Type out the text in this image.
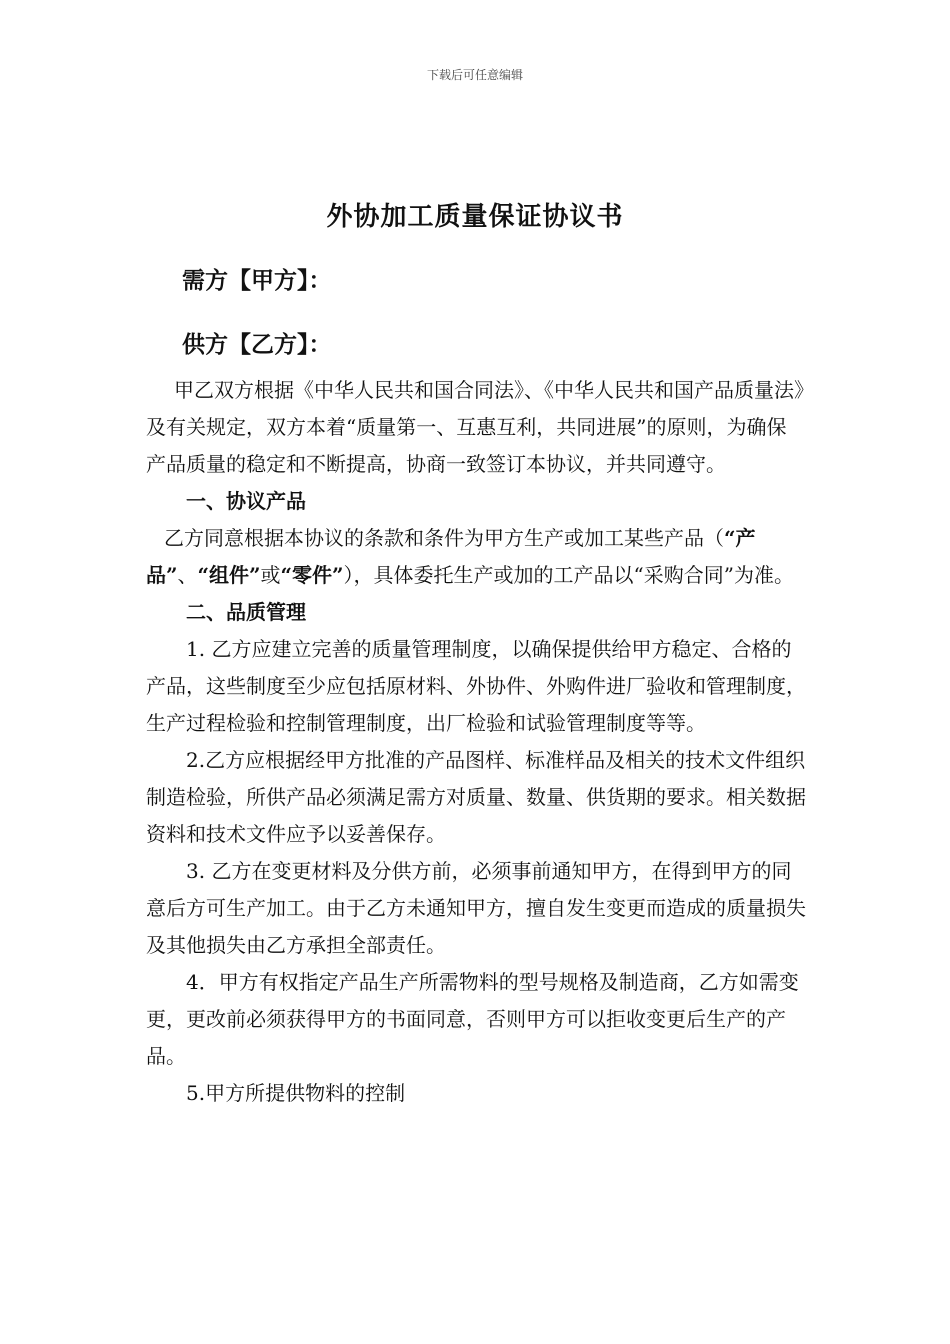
下载后可任意编辑
外协加工质量保证协议书
需方【甲方】：
供方【乙方】：

甲乙双方根据《中华人民共和国合同法》、《中华人民共和国产品质量法》及有关规定，双方本着“质量第一、互惠互利，共同进展”的原则，为确保产品质量的稳定和不断提高，协商一致签订本协议，并共同遵守。

一、协议产品

乙方同意根据本协议的条款和条件为甲方生产或加工某些产品（“产品”、“组件”或“零件”），具体委托生产或加的工产品以“采购合同”为准。

二、品质管理

1. 乙方应建立完善的质量管理制度，以确保提供给甲方稳定、合格的产品，这些制度至少应包括原材料、外协件、外购件进厂验收和管理制度，生产过程检验和控制管理制度，出厂检验和试验管理制度等等。

2.乙方应根据经甲方批准的产品图样、标准样品及相关的技术文件组织制造检验，所供产品必须满足需方对质量、数量、供货期的要求。相关数据资料和技术文件应予以妥善保存。

3. 乙方在变更材料及分供方前，必须事前通知甲方，在得到甲方的同意后方可生产加工。由于乙方未通知甲方，擅自发生变更而造成的质量损失及其他损失由乙方承担全部责任。

4．甲方有权指定产品生产所需物料的型号规格及制造商，乙方如需变更，更改前必须获得甲方的书面同意，否则甲方可以拒收变更后生产的产品。

5.甲方所提供物料的控制
